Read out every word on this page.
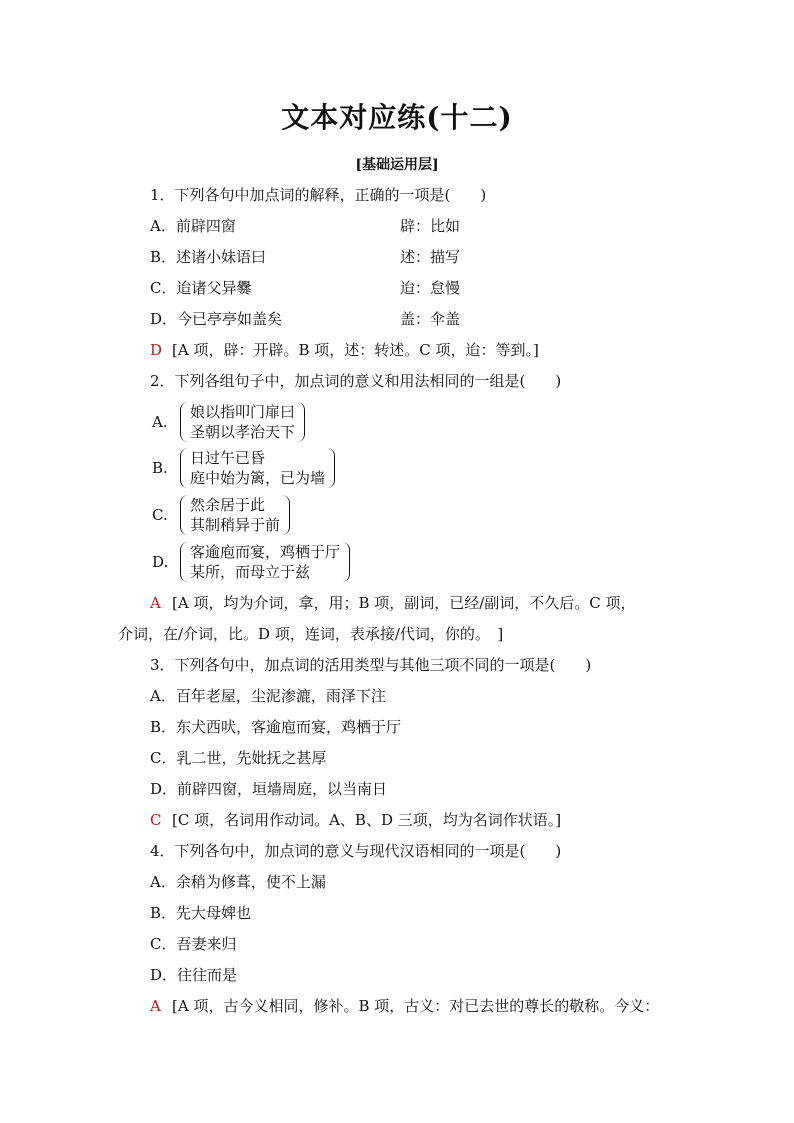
文本对应练(十二)
[基础运用层]
1．下列各句中加点词的解释，正确的一项是(　　)
A．前辟四窗	辟：比如
B．述诸小妹语曰	述：描写
C．迨诸父异爨	迨：怠慢
D．今已亭亭如盖矣	盖：伞盖
D [A 项，辟：开辟。B 项，述：转述。C 项，迨：等到。]
2．下列各组句子中，加点词的意义和用法相同的一组是(　　)
A.
娘以指叩门扉曰
圣朝以孝治天下
B.
日过午已昏
庭中始为篱，已为墙
C.
然余居于此
其制稍异于前
D.
客逾庖而宴，鸡栖于厅
某所，而母立于兹
A [A 项，均为介词，拿，用；B 项，副词，已经/副词，不久后。C 项，
介词，在/介词，比。D 项，连词，表承接/代词，你的。　]
3．下列各句中，加点词的活用类型与其他三项不同的一项是(　　)
A．百年老屋，尘泥渗漉，雨泽下注
B．东犬西吠，客逾庖而宴，鸡栖于厅
C．乳二世，先妣抚之甚厚
D．前辟四窗，垣墙周庭，以当南日
C [C 项，名词用作动词。A、B、D 三项，均为名词作状语。]
4．下列各句中，加点词的意义与现代汉语相同的一项是(　　)
A．余稍为修葺，使不上漏
B．先大母婢也
C．吾妻来归
D．往往而是
A [A 项，古今义相同，修补。B 项，古义：对已去世的尊长的敬称。今义：
